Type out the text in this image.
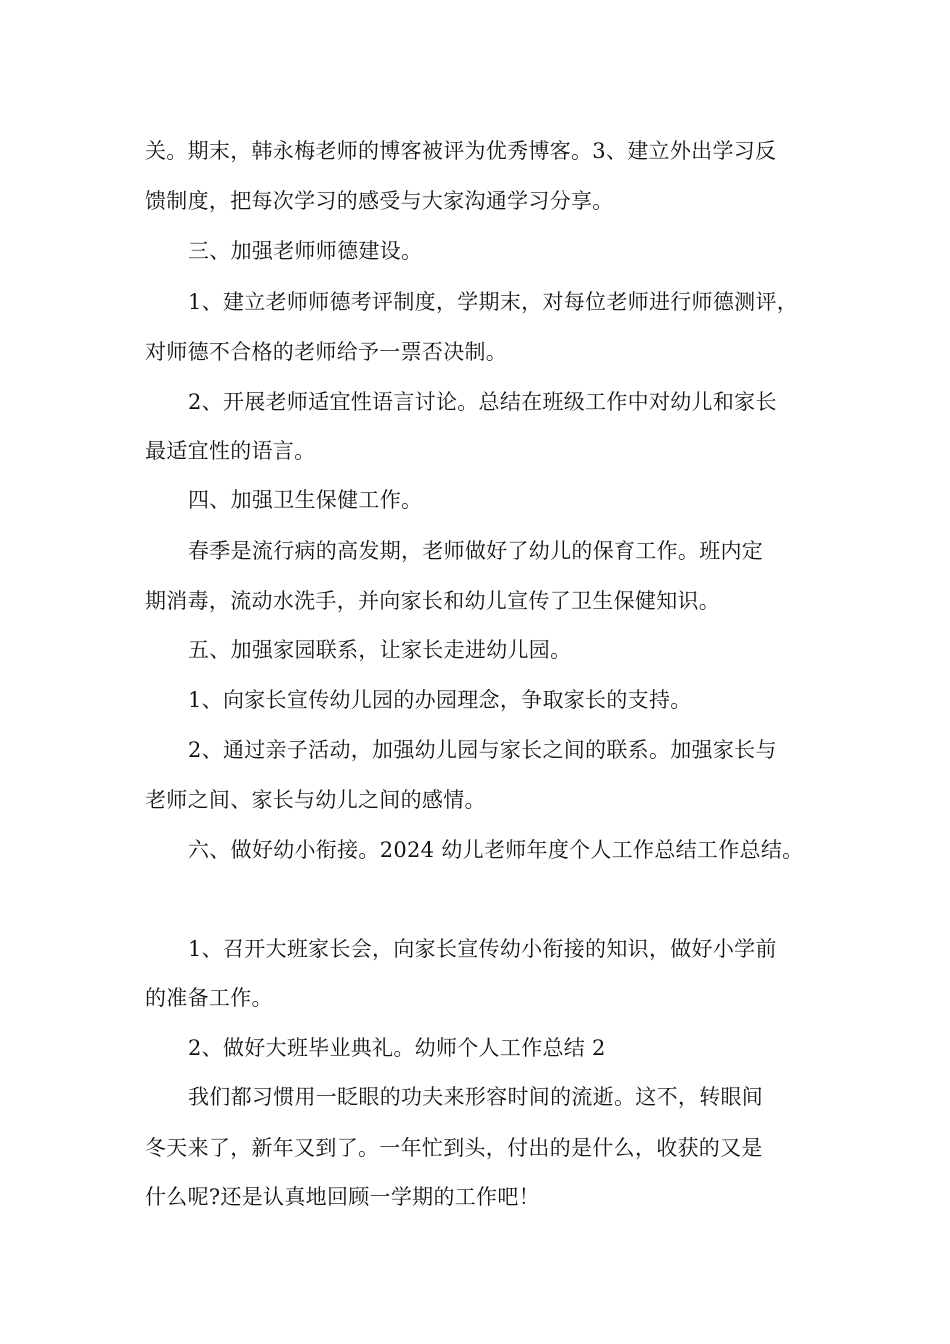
关。期末，韩永梅老师的博客被评为优秀博客。3、建立外出学习反
馈制度，把每次学习的感受与大家沟通学习分享。
三、加强老师师德建设。
1、建立老师师德考评制度，学期末，对每位老师进行师德测评，
对师德不合格的老师给予一票否决制。
2、开展老师适宜性语言讨论。总结在班级工作中对幼儿和家长
最适宜性的语言。
四、加强卫生保健工作。
春季是流行病的高发期，老师做好了幼儿的保育工作。班内定
期消毒，流动水洗手，并向家长和幼儿宣传了卫生保健知识。
五、加强家园联系，让家长走进幼儿园。
1、向家长宣传幼儿园的办园理念，争取家长的支持。
2、通过亲子活动，加强幼儿园与家长之间的联系。加强家长与
老师之间、家长与幼儿之间的感情。
六、做好幼小衔接。2024 幼儿老师年度个人工作总结工作总结。
1、召开大班家长会，向家长宣传幼小衔接的知识，做好小学前
的准备工作。
2、做好大班毕业典礼。幼师个人工作总结 2
我们都习惯用一眨眼的功夫来形容时间的流逝。这不，转眼间
冬天来了，新年又到了。一年忙到头，付出的是什么，收获的又是
什么呢?还是认真地回顾一学期的工作吧！
